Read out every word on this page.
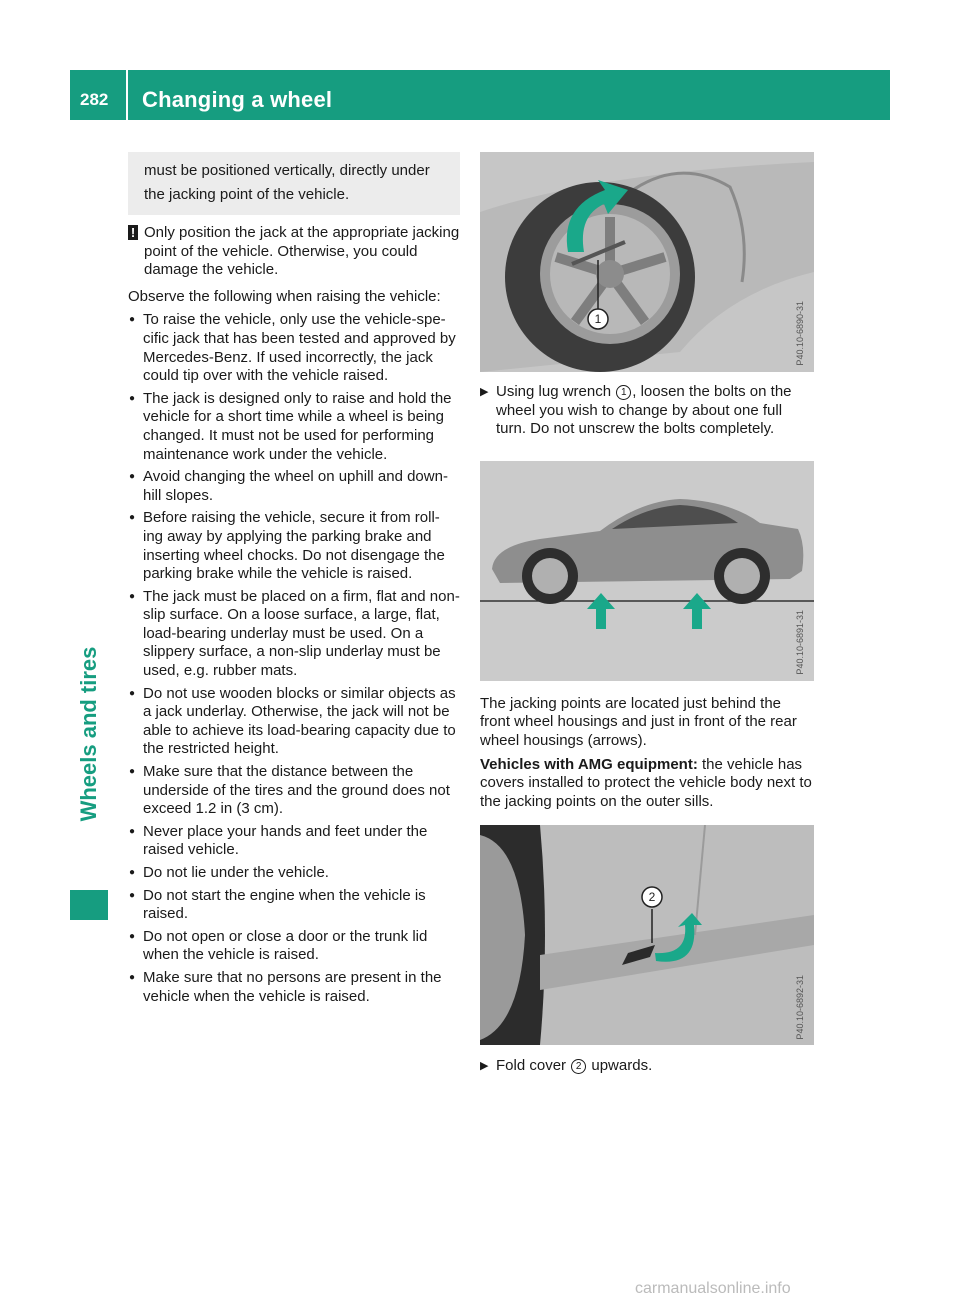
282 Changing a wheel
Wheels and tires

must be positioned vertically, directly under the jacking point of the vehicle.

! Only position the jack at the appropriate jacking point of the vehicle. Otherwise, you could damage the vehicle.

Observe the following when raising the vehicle:

● To raise the vehicle, only use the vehicle-spe- cific jack that has been tested and approved by Mercedes-Benz. If used incorrectly, the jack could tip over with the vehicle raised.
● The jack is designed only to raise and hold the vehicle for a short time while a wheel is being changed. It must not be used for performing maintenance work under the vehicle.
● Avoid changing the wheel on uphill and down- hill slopes.
● Before raising the vehicle, secure it from roll- ing away by applying the parking brake and inserting wheel chocks. Do not disengage the parking brake while the vehicle is raised.
● The jack must be placed on a firm, flat and non-slip surface. On a loose surface, a large, flat, load-bearing underlay must be used. On a slippery surface, a non-slip underlay must be used, e.g. rubber mats.
● Do not use wooden blocks or similar objects as a jack underlay. Otherwise, the jack will not be able to achieve its load-bearing capacity due to the restricted height.
● Make sure that the distance between the underside of the tires and the ground does not exceed 1.2 in (3 cm).
● Never place your hands and feet under the raised vehicle.
● Do not lie under the vehicle.
● Do not start the engine when the vehicle is raised.
● Do not open or close a door or the trunk lid when the vehicle is raised.
● Make sure that no persons are present in the vehicle when the vehicle is raised.
1	P40.10-6890-31
▶ Using lug wrench 1 , loosen the bolts on the wheel you wish to change by about one full turn. Do not unscrew the bolts completely.
P40.10-6891-31

The jacking points are located just behind the front wheel housings and just in front of the rear wheel housings (arrows).

Vehicles with AMG equipment: the vehicle has covers installed to protect the vehicle body next to the jacking points on the outer sills.

2
P40.10-6892-31
▶ Fold cover 2 upwards.
carmanualsonline.info
